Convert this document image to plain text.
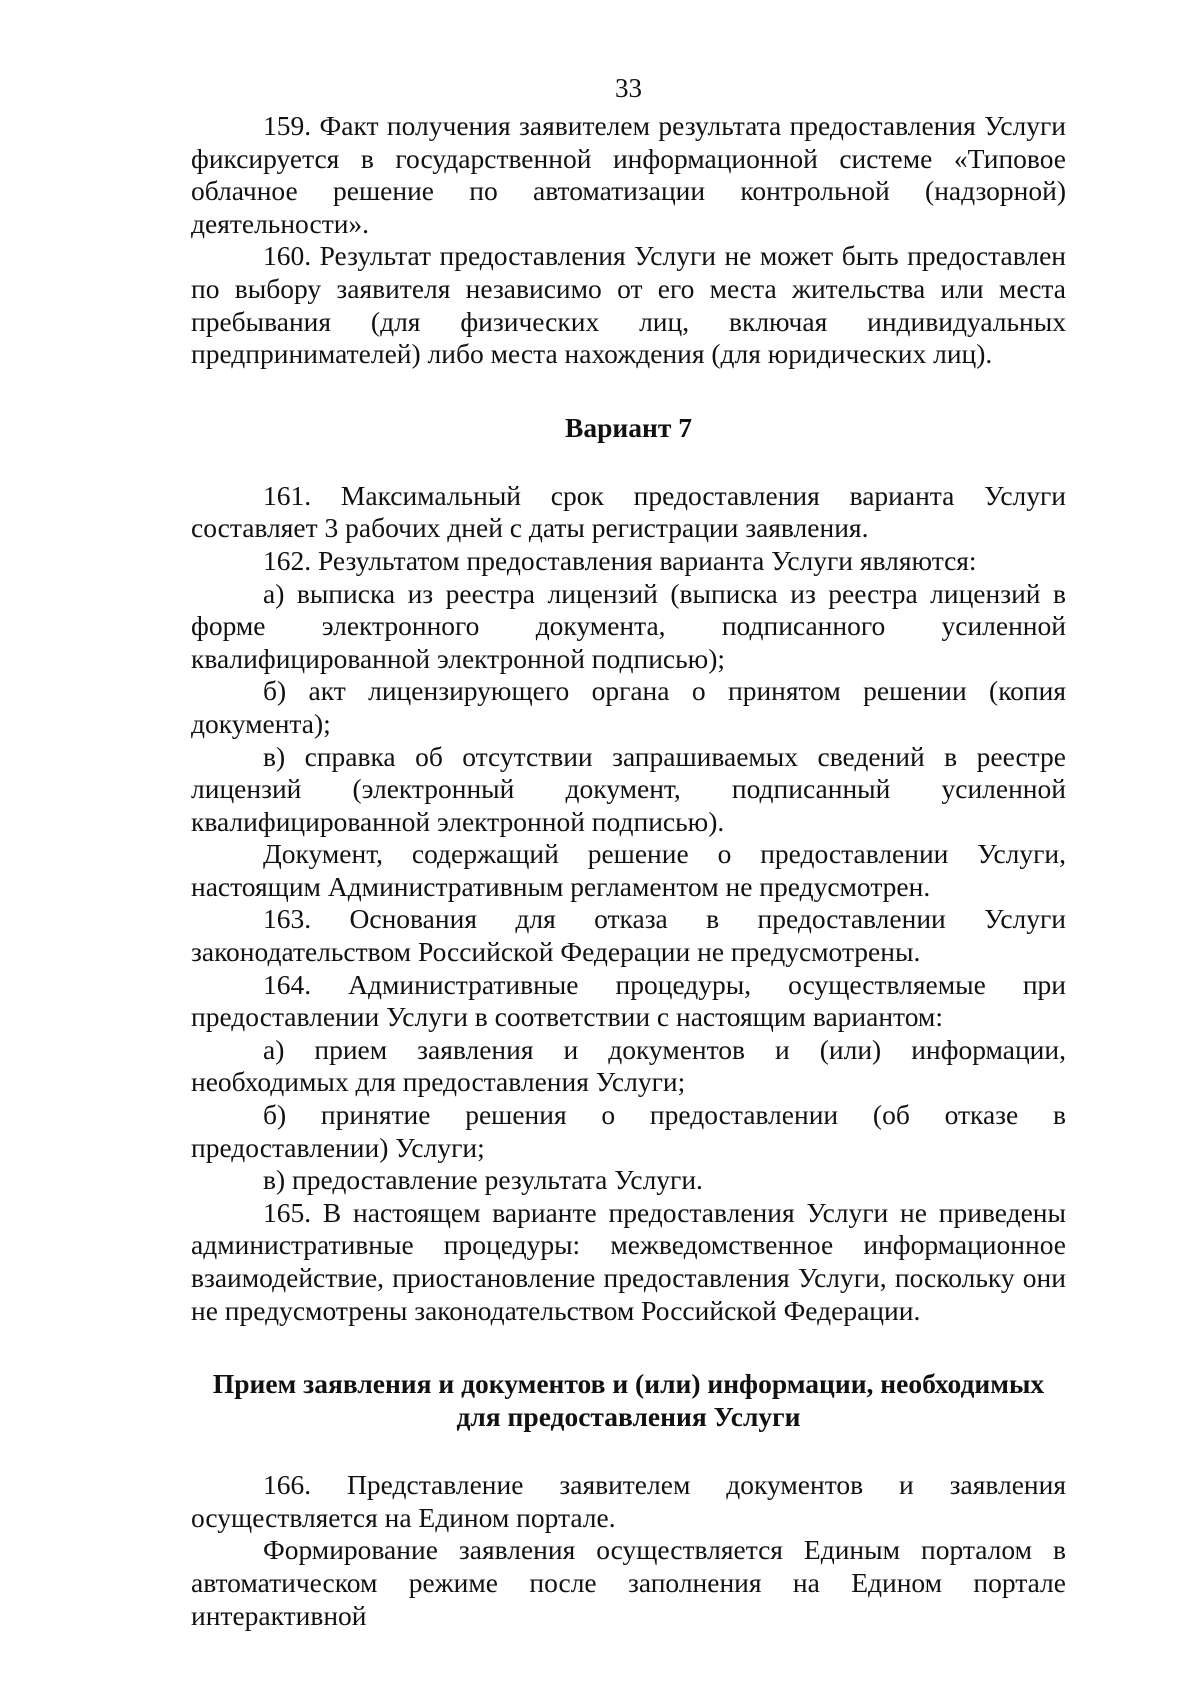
33

159. Факт получения заявителем результата предоставления Услуги фиксируется в государственной информационной системе «Типовое облачное решение по автоматизации контрольной (надзорной) деятельности».

160. Результат предоставления Услуги не может быть предоставлен по выбору заявителя независимо от его места жительства или места пребывания (для физических лиц, включая индивидуальных предпринимателей) либо места нахождения (для юридических лиц).

Вариант 7

161. Максимальный срок предоставления варианта Услуги составляет 3 рабочих дней с даты регистрации заявления.

162. Результатом предоставления варианта Услуги являются:

а) выписка из реестра лицензий (выписка из реестра лицензий в форме электронного документа, подписанного усиленной квалифицированной электронной подписью);

б) акт лицензирующего органа о принятом решении (копия документа);

в) справка об отсутствии запрашиваемых сведений в реестре лицензий (электронный документ, подписанный усиленной квалифицированной электронной подписью).

Документ, содержащий решение о предоставлении Услуги, настоящим Административным регламентом не предусмотрен.

163. Основания для отказа в предоставлении Услуги законодательством Российской Федерации не предусмотрены.

164. Административные процедуры, осуществляемые при предоставлении Услуги в соответствии с настоящим вариантом:

а) прием заявления и документов и (или) информации, необходимых для предоставления Услуги;

б) принятие решения о предоставлении (об отказе в предоставлении) Услуги;

в) предоставление результата Услуги.

165. В настоящем варианте предоставления Услуги не приведены административные процедуры: межведомственное информационное взаимодействие, приостановление предоставления Услуги, поскольку они не предусмотрены законодательством Российской Федерации.

Прием заявления и документов и (или) информации, необходимых для предоставления Услуги

166. Представление заявителем документов и заявления осуществляется на Едином портале.

Формирование заявления осуществляется Единым порталом в автоматическом режиме после заполнения на Едином портале интерактивной
